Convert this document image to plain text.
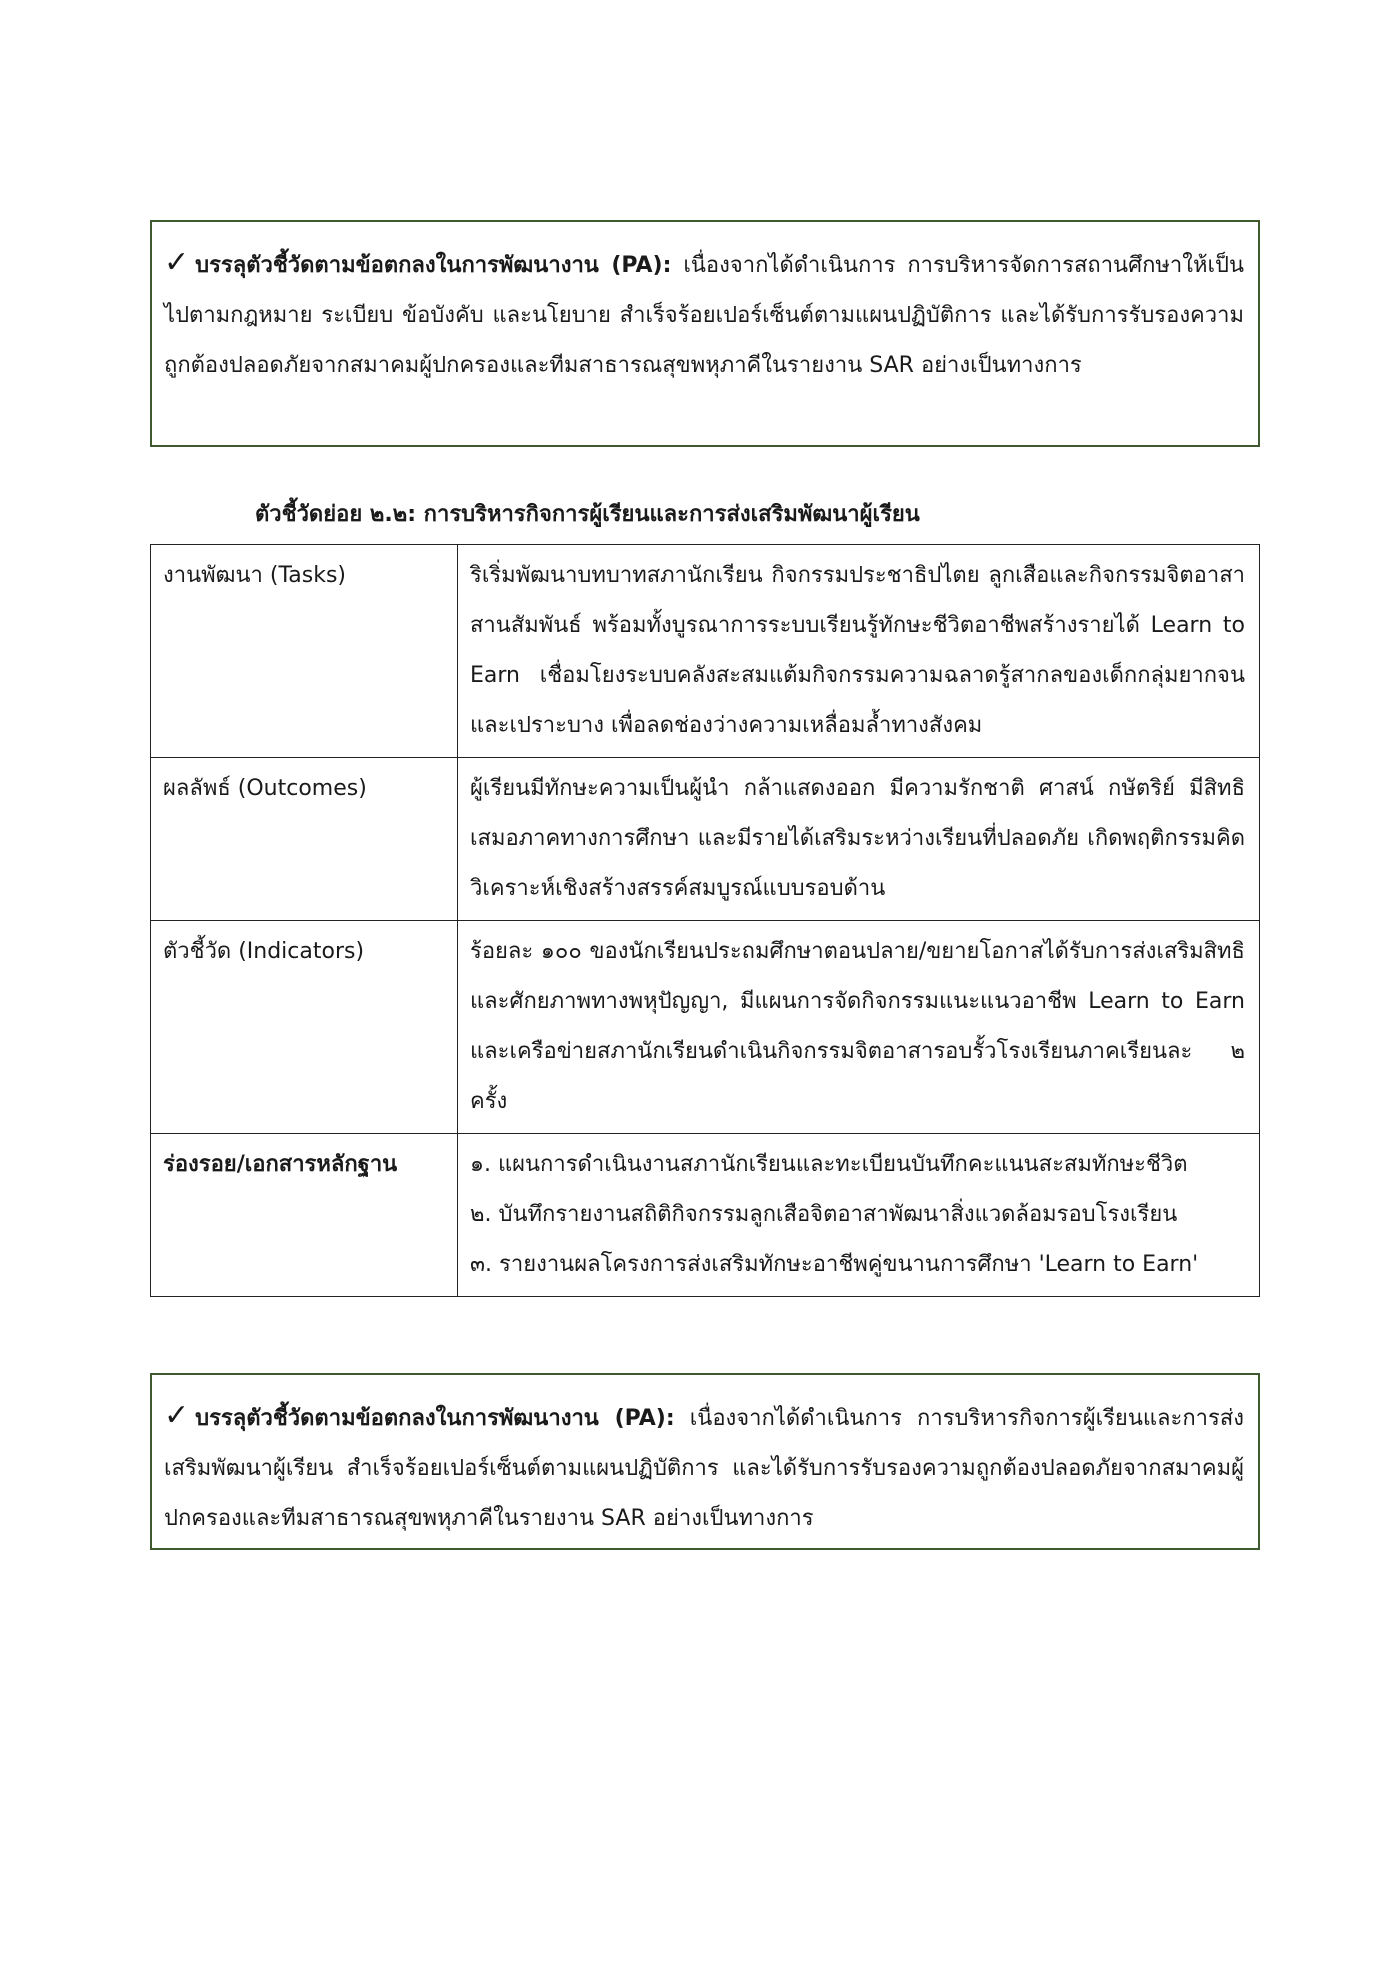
✓ บรรลุตัวชี้วัดตามข้อตกลงในการพัฒนางาน (PA): เนื่องจากได้ดำเนินการ การบริหารจัดการสถานศึกษาให้เป็นไปตามกฎหมาย ระเบียบ ข้อบังคับ และนโยบาย สำเร็จร้อยเปอร์เซ็นต์ตามแผนปฏิบัติการ และได้รับการรับรองความถูกต้องปลอดภัยจากสมาคมผู้ปกครองและทีมสาธารณสุขพหุภาคีในรายงาน SAR อย่างเป็นทางการ
ตัวชี้วัดย่อย ๒.๒: การบริหารกิจการผู้เรียนและการส่งเสริมพัฒนาผู้เรียน
งานพัฒนา (Tasks)	ริเริ่มพัฒนาบทบาทสภานักเรียน กิจกรรมประชาธิปไตย ลูกเสือและกิจกรรมจิตอาสาสานสัมพันธ์ พร้อมทั้งบูรณาการระบบเรียนรู้ทักษะชีวิตอาชีพสร้างรายได้ Learn to Earn เชื่อมโยงระบบคลังสะสมแต้มกิจกรรมความฉลาดรู้สากลของเด็กกลุ่มยากจนและเปราะบาง เพื่อลดช่องว่างความเหลื่อมล้ำทางสังคม
ผลลัพธ์ (Outcomes)	ผู้เรียนมีทักษะความเป็นผู้นำ กล้าแสดงออก มีความรักชาติ ศาสน์ กษัตริย์ มีสิทธิเสมอภาคทางการศึกษา และมีรายได้เสริมระหว่างเรียนที่ปลอดภัย เกิดพฤติกรรมคิดวิเคราะห์เชิงสร้างสรรค์สมบูรณ์แบบรอบด้าน
ตัวชี้วัด (Indicators)	ร้อยละ ๑๐๐ ของนักเรียนประถมศึกษาตอนปลาย/ขยายโอกาสได้รับการส่งเสริมสิทธิและศักยภาพทางพหุปัญญา, มีแผนการจัดกิจกรรมแนะแนวอาชีพ Learn to Earn และเครือข่ายสภานักเรียนดำเนินกิจกรรมจิตอาสารอบรั้วโรงเรียนภาคเรียนละ ๒ ครั้ง
ร่องรอย/เอกสารหลักฐาน	๑. แผนการดำเนินงานสภานักเรียนและทะเบียนบันทึกคะแนนสะสมทักษะชีวิต
๒. บันทึกรายงานสถิติกิจกรรมลูกเสือจิตอาสาพัฒนาสิ่งแวดล้อมรอบโรงเรียน
๓. รายงานผลโครงการส่งเสริมทักษะอาชีพคู่ขนานการศึกษา 'Learn to Earn'
✓ บรรลุตัวชี้วัดตามข้อตกลงในการพัฒนางาน (PA): เนื่องจากได้ดำเนินการ การบริหารกิจการผู้เรียนและการส่งเสริมพัฒนาผู้เรียน สำเร็จร้อยเปอร์เซ็นต์ตามแผนปฏิบัติการ และได้รับการรับรองความถูกต้องปลอดภัยจากสมาคมผู้ปกครองและทีมสาธารณสุขพหุภาคีในรายงาน SAR อย่างเป็นทางการ
